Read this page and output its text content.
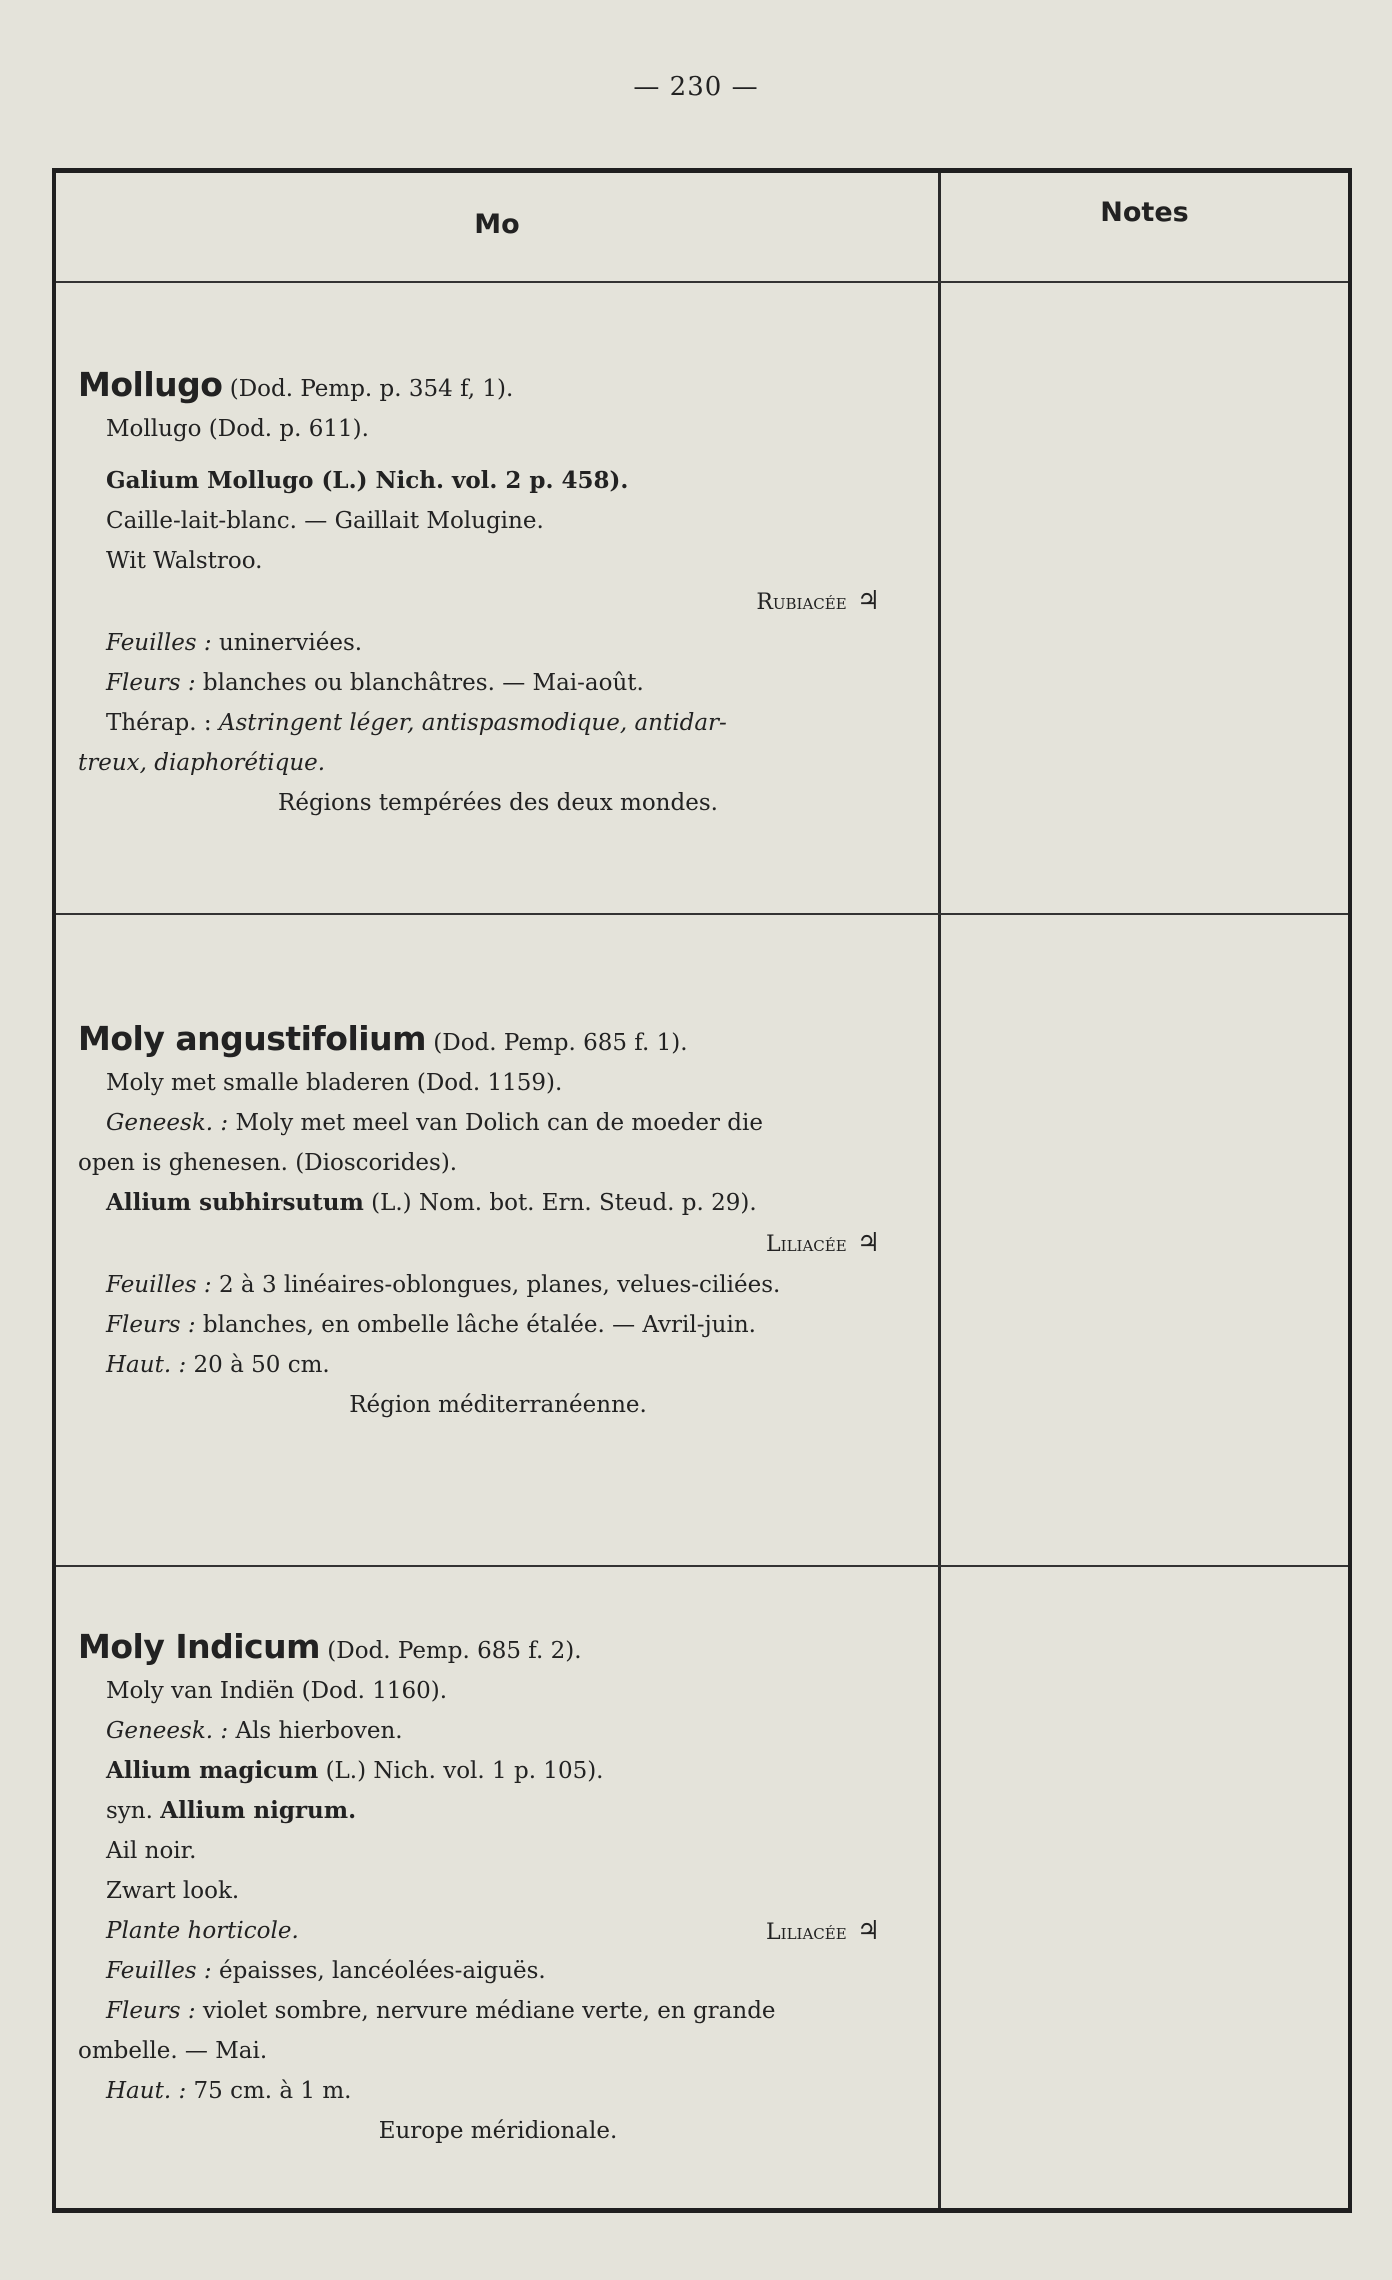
— 230 —
Mo	Notes
Mollugo (Dod. Pemp. p. 354 f, 1).
Mollugo (Dod. p. 611).
Galium Mollugo (L.) Nich. vol. 2 p. 458).
Caille-lait-blanc. — Gaillait Molugine.
Wit Walstroo.
Rubiacée ♃
Feuilles : uninerviées.
Fleurs : blanches ou blanchâtres. — Mai-août.
Thérap. : Astringent léger, antispasmodique, antidar-
treux, diaphorétique.
Régions tempérées des deux mondes.
Moly angustifolium (Dod. Pemp. 685 f. 1).
Moly met smalle bladeren (Dod. 1159).
Geneesk. : Moly met meel van Dolich can de moeder die
open is ghenesen. (Dioscorides).
Allium subhirsutum (L.) Nom. bot. Ern. Steud. p. 29).
Liliacée ♃
Feuilles : 2 à 3 linéaires-oblongues, planes, velues-ciliées.
Fleurs : blanches, en ombelle lâche étalée. — Avril-juin.
Haut. : 20 à 50 cm.
Région méditerranéenne.
Moly Indicum (Dod. Pemp. 685 f. 2).
Moly van Indiën (Dod. 1160).
Geneesk. : Als hierboven.
Allium magicum (L.) Nich. vol. 1 p. 105).
syn. Allium nigrum.
Ail noir.
Zwart look.
Plante horticole.	Liliacée ♃
Feuilles : épaisses, lancéolées-aiguës.
Fleurs : violet sombre, nervure médiane verte, en grande
ombelle. — Mai.
Haut. : 75 cm. à 1 m.
Europe méridionale.
